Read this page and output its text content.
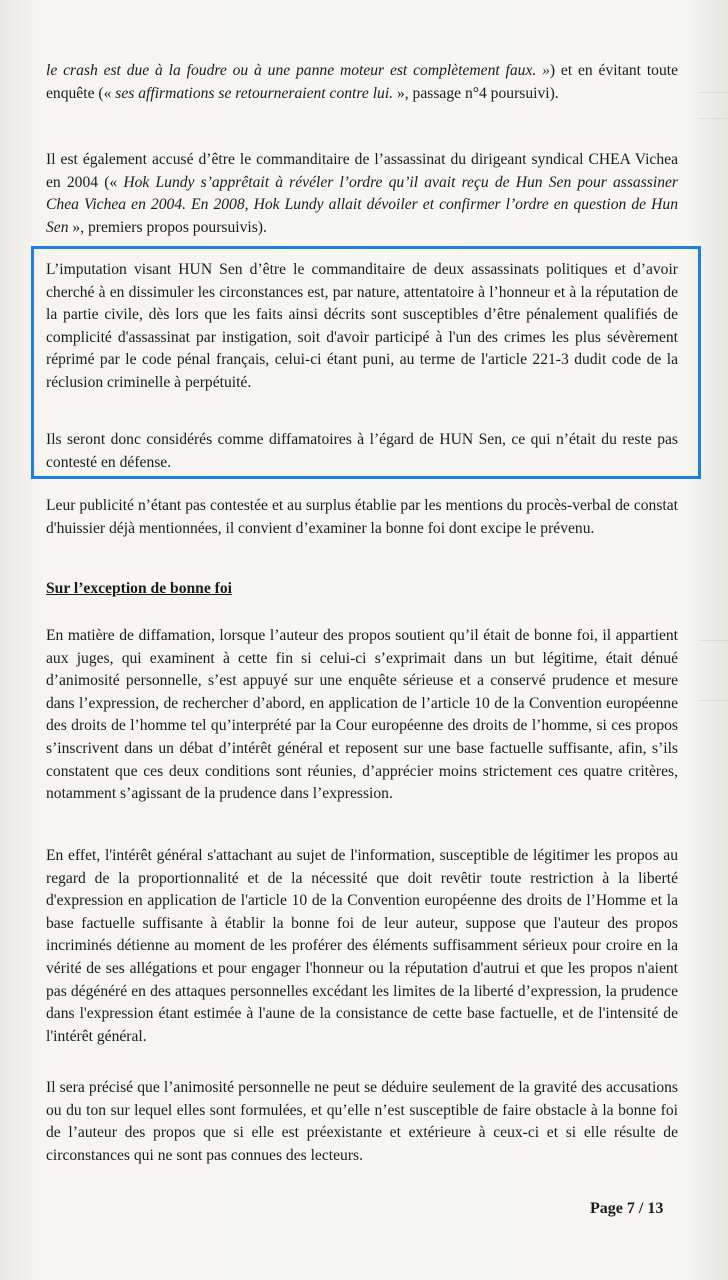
le crash est due à la foudre ou à une panne moteur est complètement faux. ») et en évitant toute enquête (« ses affirmations se retourneraient contre lui. », passage n°4 poursuivi).

Il est également accusé d’être le commanditaire de l’assassinat du dirigeant syndical CHEA Vichea en 2004 (« Hok Lundy s’apprêtait à révéler l’ordre qu’il avait reçu de Hun Sen pour assassiner Chea Vichea en 2004. En 2008, Hok Lundy allait dévoiler et confirmer l’ordre en question de Hun Sen », premiers propos poursuivis).

L’imputation visant HUN Sen d’être le commanditaire de deux assassinats politiques et d’avoir cherché à en dissimuler les circonstances est, par nature, attentatoire à l’honneur et à la réputation de la partie civile, dès lors que les faits ainsi décrits sont susceptibles d’être pénalement qualifiés de complicité d'assassinat par instigation, soit d'avoir participé à l'un des crimes les plus sévèrement réprimé par le code pénal français, celui-ci étant puni, au terme de l'article 221-3 dudit code de la réclusion criminelle à perpétuité.

Ils seront donc considérés comme diffamatoires à l’égard de HUN Sen, ce qui n’était du reste pas contesté en défense.

Leur publicité n’étant pas contestée et au surplus établie par les mentions du procès-verbal de constat d'huissier déjà mentionnées, il convient d’examiner la bonne foi dont excipe le prévenu.

Sur l’exception de bonne foi

En matière de diffamation, lorsque l’auteur des propos soutient qu’il était de bonne foi, il appartient aux juges, qui examinent à cette fin si celui-ci s’exprimait dans un but légitime, était dénué d’animosité personnelle, s’est appuyé sur une enquête sérieuse et a conservé prudence et mesure dans l’expression, de rechercher d’abord, en application de l’article 10 de la Convention européenne des droits de l’homme tel qu’interprété par la Cour européenne des droits de l’homme, si ces propos s’inscrivent dans un débat d’intérêt général et reposent sur une base factuelle suffisante, afin, s’ils constatent que ces deux conditions sont réunies, d’apprécier moins strictement ces quatre critères, notamment s’agissant de la prudence dans l’expression.

En effet, l'intérêt général s'attachant au sujet de l'information, susceptible de légitimer les propos au regard de la proportionnalité et de la nécessité que doit revêtir toute restriction à la liberté d'expression en application de l'article 10 de la Convention européenne des droits de l’Homme et la base factuelle suffisante à établir la bonne foi de leur auteur, suppose que l'auteur des propos incriminés détienne au moment de les proférer des éléments suffisamment sérieux pour croire en la vérité de ses allégations et pour engager l'honneur ou la réputation d'autrui et que les propos n'aient pas dégénéré en des attaques personnelles excédant les limites de la liberté d’expression, la prudence dans l'expression étant estimée à l'aune de la consistance de cette base factuelle, et de l'intensité de l'intérêt général.

Il sera précisé que l’animosité personnelle ne peut se déduire seulement de la gravité des accusations ou du ton sur lequel elles sont formulées, et qu’elle n’est susceptible de faire obstacle à la bonne foi de l’auteur des propos que si elle est préexistante et extérieure à ceux-ci et si elle résulte de circonstances qui ne sont pas connues des lecteurs.

Page 7 / 13
